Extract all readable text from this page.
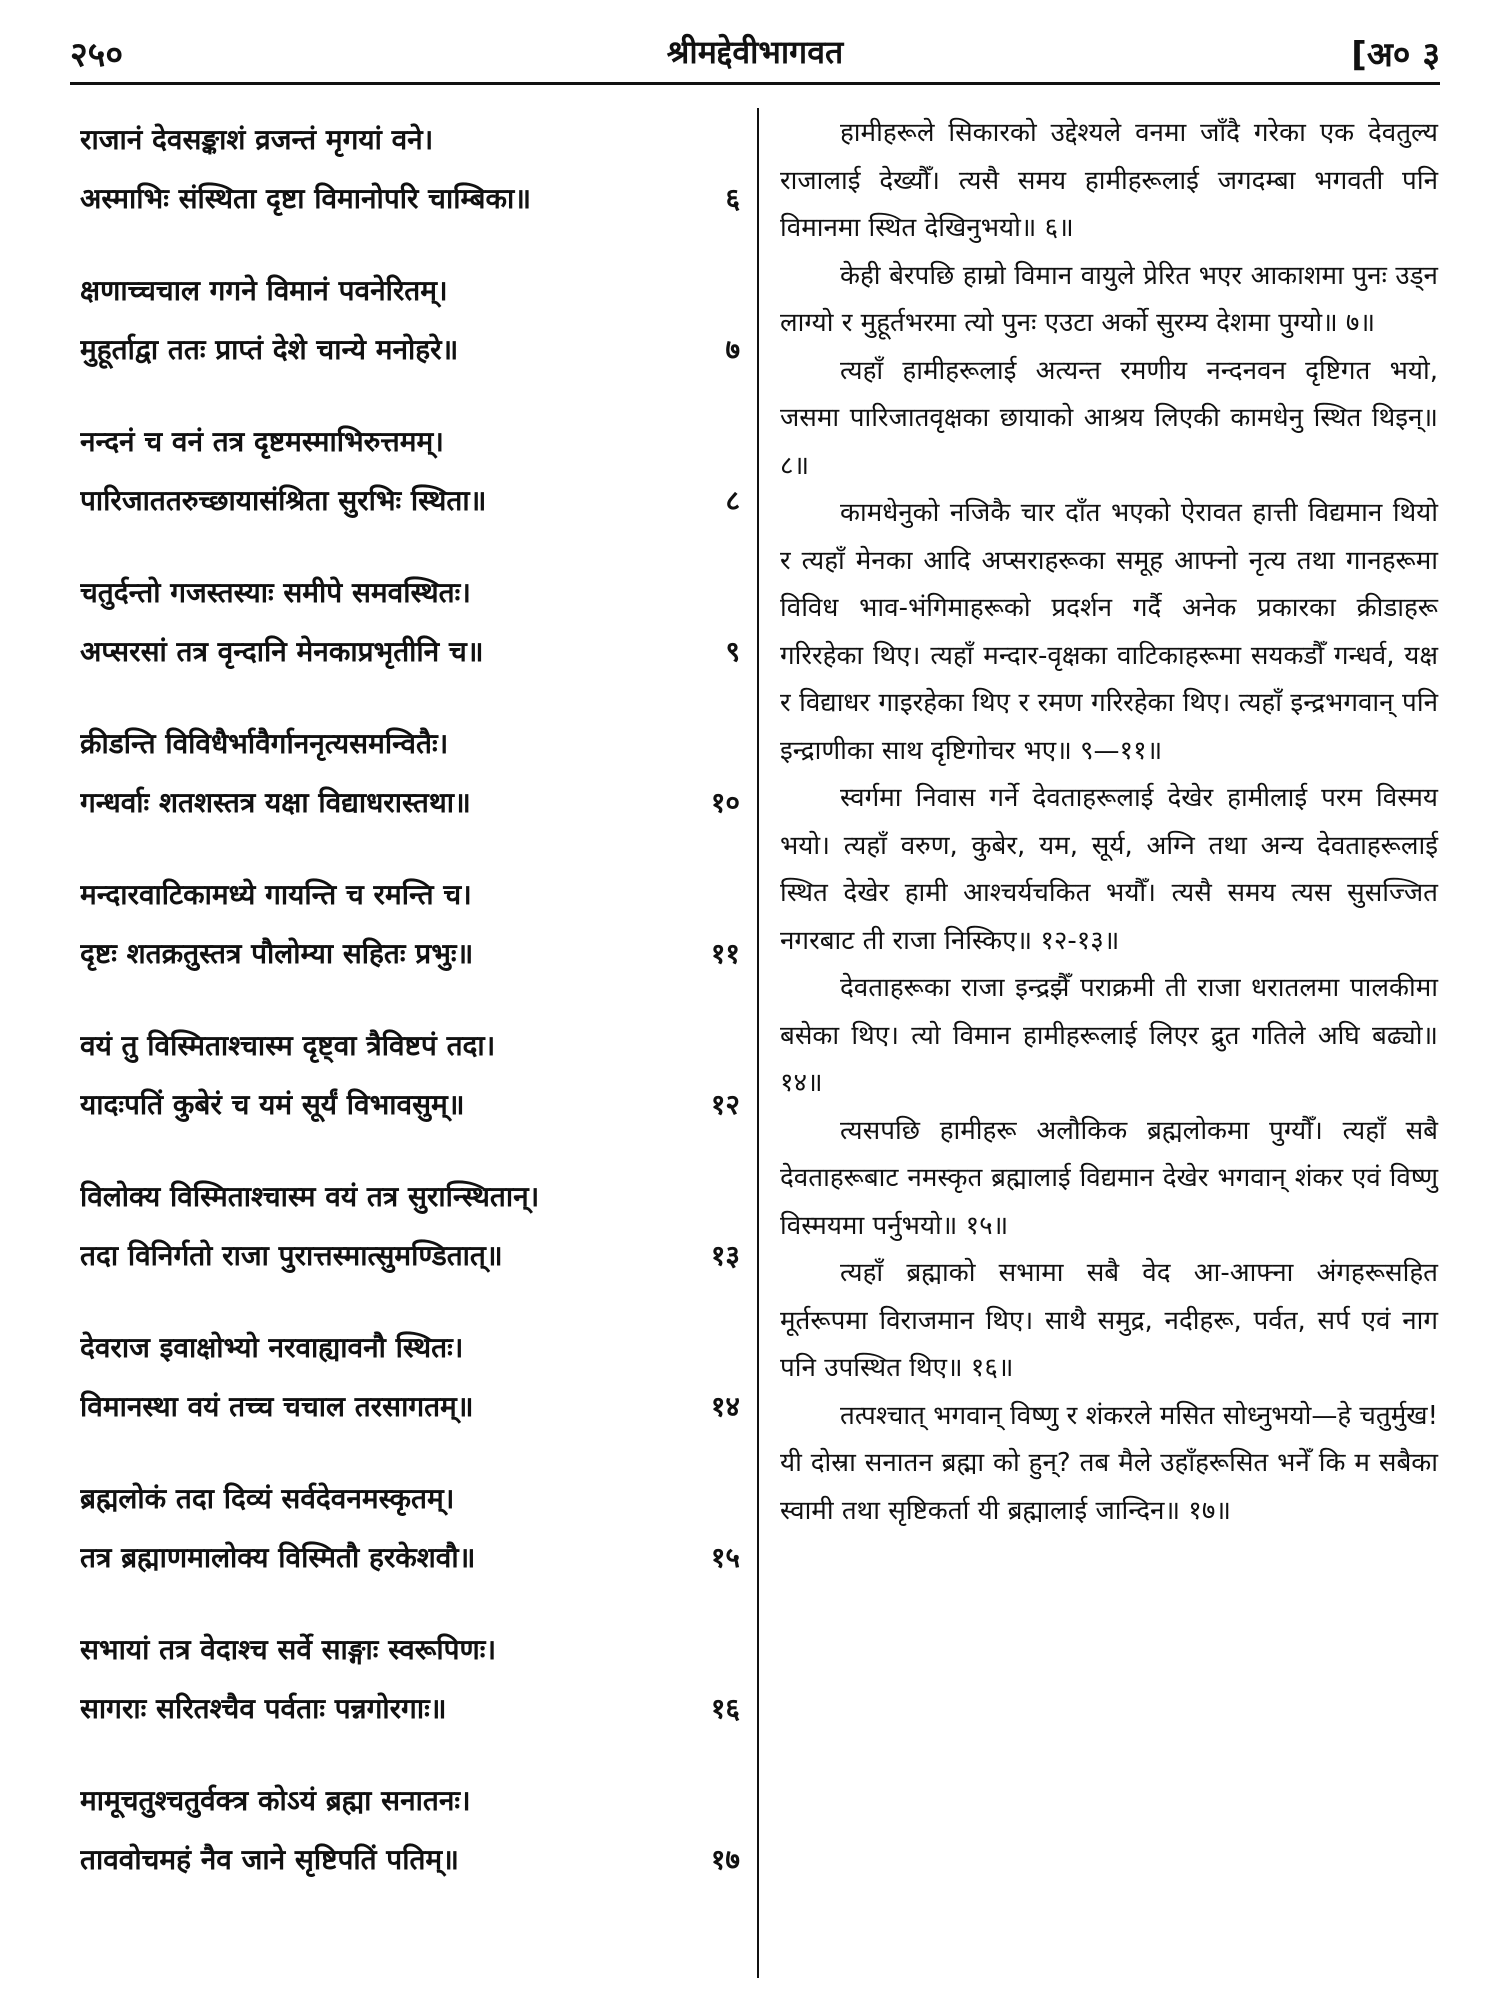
२५०	श्रीमद्देवीभागवत	[अ० ३
राजानं देवसङ्काशं व्रजन्तं मृगयां वने।
अस्माभिः संस्थिता दृष्टा विमानोपरि चाम्बिका॥	६
क्षणाच्चचाल गगने विमानं पवनेरितम्।
मुहूर्ताद्वा ततः प्राप्तं देशे चान्ये मनोहरे॥	७
नन्दनं च वनं तत्र दृष्टमस्माभिरुत्तमम्।
पारिजाततरुच्छायासंश्रिता सुरभिः स्थिता॥	८
चतुर्दन्तो गजस्तस्याः समीपे समवस्थितः।
अप्सरसां तत्र वृन्दानि मेनकाप्रभृतीनि च॥	९
क्रीडन्ति विविधैर्भावैर्गानन‍ृत्यसमन्वितैः।
गन्धर्वाः शतशस्तत्र यक्षा विद्याधरास्तथा॥	१०
मन्दारवाटिकामध्ये गायन्ति च रमन्ति च।
दृष्टः शतक्रतुस्तत्र पौलोम्या सहितः प्रभुः॥	११
वयं तु विस्मिताश्चास्म दृष्ट्वा त्रैविष्टपं तदा।
यादःपतिं कुबेरं च यमं सूर्यं विभावसुम्॥	१२
विलोक्य विस्मिताश्चास्म वयं तत्र सुरान्स्थितान्।
तदा विनिर्गतो राजा पुरात्तस्मात्सुमण्डितात्॥	१३
देवराज इवाक्षोभ्यो नरवाह्यावनौ स्थितः।
विमानस्था वयं तच्च चचाल तरसागतम्॥	१४
ब्रह्मलोकं तदा दिव्यं सर्वदेवनमस्कृतम्।
तत्र ब्रह्माणमालोक्य विस्मितौ हरकेशवौ॥	१५
सभायां तत्र वेदाश्च सर्वे साङ्गाः स्वरूपिणः।
सागराः सरितश्चैव पर्वताः पन्नगोरगाः॥	१६
मामूचतुश्चतुर्वक्त्र कोऽयं ब्रह्मा सनातनः।
ताववोचमहं नैव जाने सृष्टिपतिं पतिम्॥	१७

हामीहरूले सिकारको उद्देश्यले वनमा जाँदै गरेका एक देवतुल्य राजालाई देख्यौँ। त्यसै समय हामीहरूलाई जगदम्बा भगवती पनि विमानमा स्थित देखिनुभयो॥ ६॥

केही बेरपछि हाम्रो विमान वायुले प्रेरित भएर आकाशमा पुनः उड्न लाग्यो र मुहूर्तभरमा त्यो पुनः एउटा अर्को सुरम्य देशमा पुग्यो॥ ७॥

त्यहाँ हामीहरूलाई अत्यन्त रमणीय नन्दनवन दृष्टिगत भयो, जसमा पारिजातवृक्षका छायाको आश्रय लिएकी कामधेनु स्थित थिइन्॥ ८॥

कामधेनुको नजिकै चार दाँत भएको ऐरावत हात्ती विद्यमान थियो र त्यहाँ मेनका आदि अप्सराहरूका समूह आफ्नो नृत्य तथा गानहरूमा विविध भाव-भंगिमाहरूको प्रदर्शन गर्दै अनेक प्रकारका क्रीडाहरू गरिरहेका थिए। त्यहाँ मन्दार-वृक्षका वाटिकाहरूमा सयकडौँ गन्धर्व, यक्ष र विद्याधर गाइरहेका थिए र रमण गरिरहेका थिए। त्यहाँ इन्द्रभगवान् पनि इन्द्राणीका साथ दृष्टिगोचर भए॥ ९—११॥

स्वर्गमा निवास गर्ने देवताहरूलाई देखेर हामीलाई परम विस्मय भयो। त्यहाँ वरुण, कुबेर, यम, सूर्य, अग्नि तथा अन्य देवताहरूलाई स्थित देखेर हामी आश्चर्यचकित भयौँ। त्यसै समय त्यस सुसज्जित नगरबाट ती राजा निस्किए॥ १२-१३॥

देवताहरूका राजा इन्द्रझैँ पराक्रमी ती राजा धरातलमा पालकीमा बसेका थिए। त्यो विमान हामीहरूलाई लिएर द्रुत गतिले अघि बढ्यो॥ १४॥

त्यसपछि हामीहरू अलौकिक ब्रह्मलोकमा पुग्यौँ। त्यहाँ सबै देवताहरूबाट नमस्कृत ब्रह्मालाई विद्यमान देखेर भगवान् शंकर एवं विष्णु विस्मयमा पर्नुभयो॥ १५॥

त्यहाँ ब्रह्माको सभामा सबै वेद आ-आफ्ना अंगहरूसहित मूर्तरूपमा विराजमान थिए। साथै समुद्र, नदीहरू, पर्वत, सर्प एवं नाग पनि उपस्थित थिए॥ १६॥

तत्पश्चात् भगवान् विष्णु र शंकरले मसित सोध्नुभयो—हे चतुर्मुख! यी दोस्रा सनातन ब्रह्मा को हुन्? तब मैले उहाँहरूसित भनेँ कि म सबैका स्वामी तथा सृष्टिकर्ता यी ब्रह्मालाई जान्दिन॥ १७॥
